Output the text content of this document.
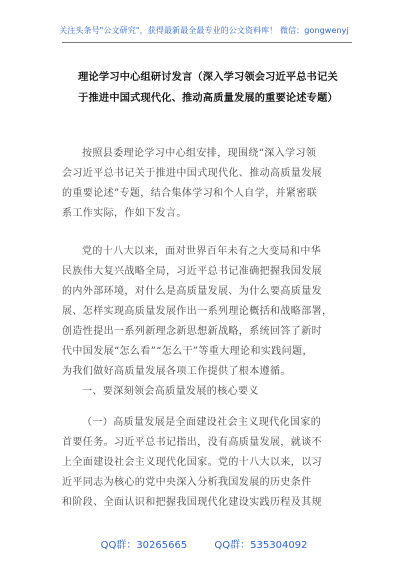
关注头条号"公文研究"，获得最新最全最专业的公文资料库！ 微信：gongwenyj
理论学习中心组研讨发言（深入学习领会习近平总书记关
于推进中国式现代化、推动高质量发展的重要论述专题）
按照县委理论学习中心组安排，现围绕“深入学习领
会习近平总书记关于推进中国式现代化、推动高质量发展
的重要论述”专题，结合集体学习和个人自学，并紧密联
系工作实际，作如下发言。
党的十八大以来，面对世界百年未有之大变局和中华
民族伟大复兴战略全局，习近平总书记准确把握我国发展
的内外部环境，对什么是高质量发展、为什么要高质量发
展、怎样实现高质量发展作出一系列理论概括和战略部署，
创造性提出一系列新理念新思想新战略，系统回答了新时
代中国发展“怎么看”“怎么干”等重大理论和实践问题，
为我们做好高质量发展各项工作提供了根本遵循。
一、要深刻领会高质量发展的核心要义
（一）高质量发展是全面建设社会主义现代化国家的
首要任务。习近平总书记指出，没有高质量发展，就谈不
上全面建设社会主义现代化国家。党的十八大以来，以习
近平同志为核心的党中央深入分析我国发展的历史条件
和阶段、全面认识和把握我国现代化建设实践历程及其规
QQ群：30265665	QQ群：535304092
